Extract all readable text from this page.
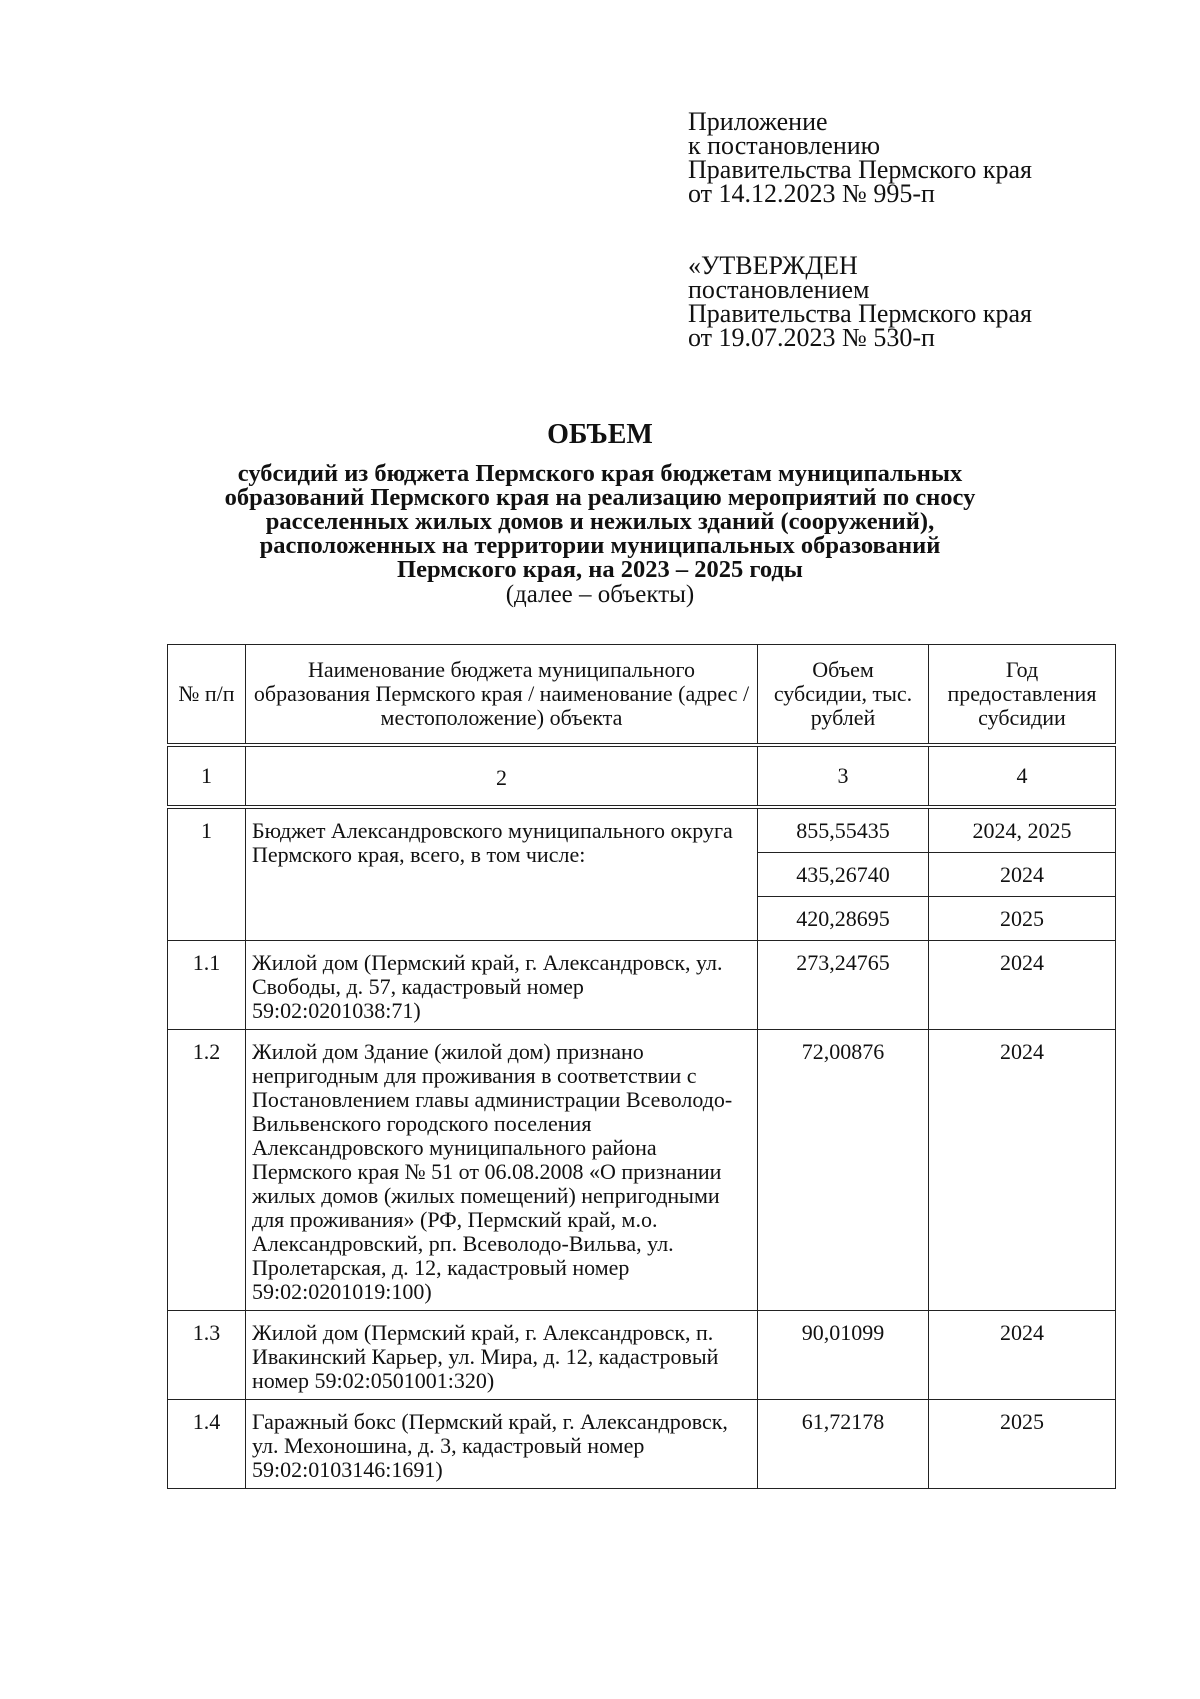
Приложение
к постановлению
Правительства Пермского края
от 14.12.2023 № 995-п
«УТВЕРЖДЕН
постановлением
Правительства Пермского края
от 19.07.2023 № 530-п
ОБЪЕМ
субсидий из бюджета Пермского края бюджетам муниципальных
образований Пермского края на реализацию мероприятий по сносу
расселенных жилых домов и нежилых зданий (сооружений),
расположенных на территории муниципальных образований
Пермского края, на 2023 – 2025 годы
(далее – объекты)
№ п/п	Наименование бюджета муниципального образования Пермского края / наименование (адрес / местоположение) объекта	Объем субсидии, тыс. рублей	Год предоставления субсидии
1	2	3	4
1	Бюджет Александровского муниципального округа Пермского края, всего, в том числе:	855,55435	2024, 2025
		435,26740	2024
		420,28695	2025
1.1	Жилой дом (Пермский край, г. Александровск, ул. Свободы, д. 57, кадастровый номер 59:02:0201038:71)	273,24765	2024
1.2	Жилой дом Здание (жилой дом) признано непригодным для проживания в соответствии с Постановлением главы администрации Всеволодо-Вильвенского городского поселения Александровского муниципального района Пермского края № 51 от 06.08.2008 «О признании жилых домов (жилых помещений) непригодными для проживания» (РФ, Пермский край, м.о. Александровский, рп. Всеволодо-Вильва, ул. Пролетарская, д. 12, кадастровый номер 59:02:0201019:100)	72,00876	2024
1.3	Жилой дом (Пермский край, г. Александровск, п. Ивакинский Карьер, ул. Мира, д. 12, кадастровый номер 59:02:0501001:320)	90,01099	2024
1.4	Гаражный бокс (Пермский край, г. Александровск, ул. Мехоношина, д. 3, кадастровый номер 59:02:0103146:1691)	61,72178	2025
